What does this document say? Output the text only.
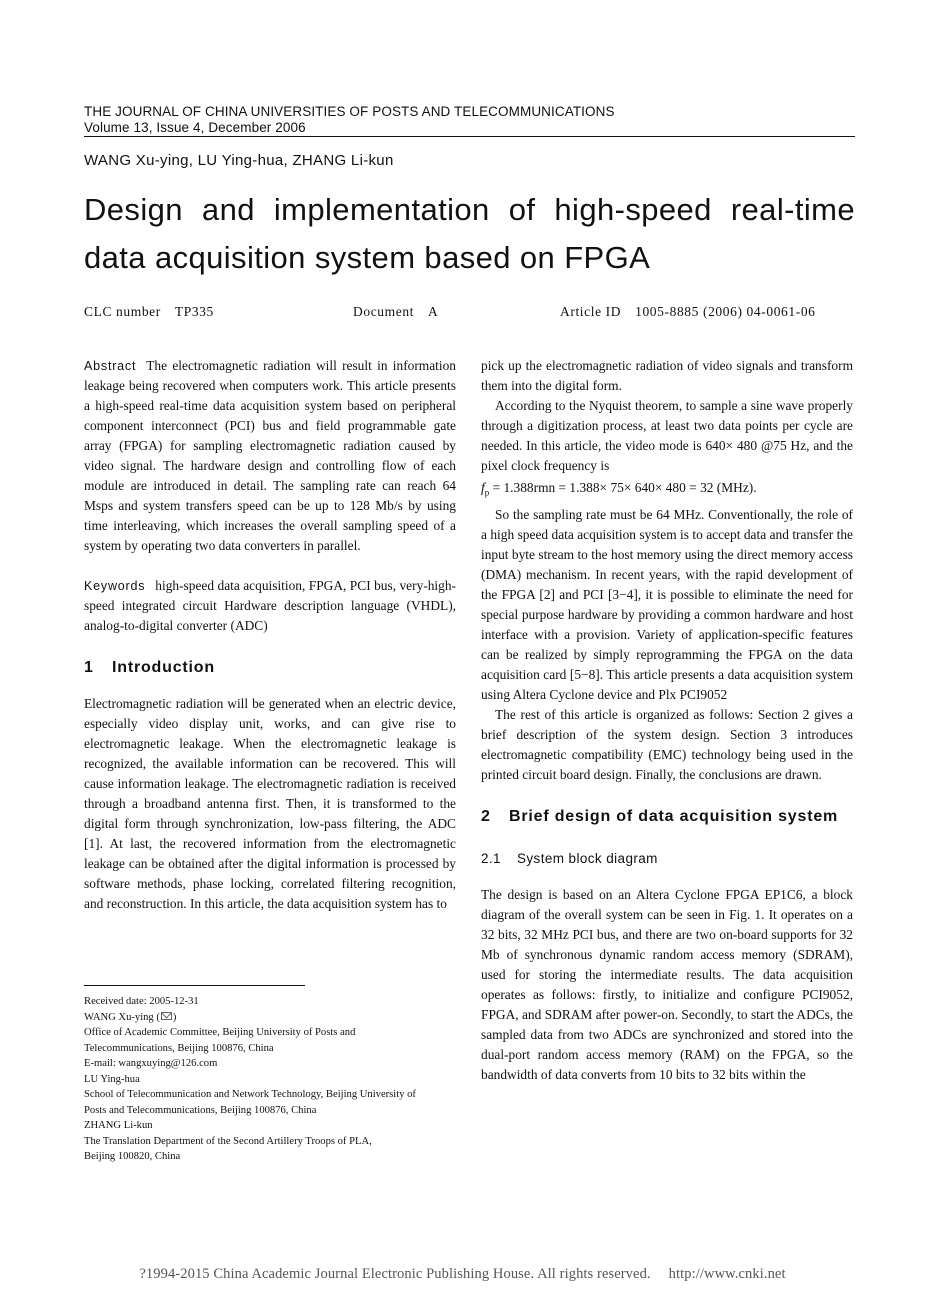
THE JOURNAL OF CHINA UNIVERSITIES OF POSTS AND TELECOMMUNICATIONS
Volume 13, Issue 4, December 2006
WANG Xu-ying, LU Ying-hua, ZHANG Li-kun
Design and implementation of high-speed real-time data acquisition system based on FPGA
CLC number TP335	Document A	Article ID 1005-8885 (2006) 04-0061-06

Abstract The electromagnetic radiation will result in information leakage being recovered when computers work. This article presents a high-speed real-time data acquisition system based on peripheral component interconnect (PCI) bus and field programmable gate array (FPGA) for sampling electromagnetic radiation caused by video signal. The hardware design and controlling flow of each module are introduced in detail. The sampling rate can reach 64 Msps and system transfers speed can be up to 128 Mb/s by using time interleaving, which increases the overall sampling speed of a system by operating two data converters in parallel.

Keywords high-speed data acquisition, FPGA, PCI bus, very-high-speed integrated circuit Hardware description language (VHDL), analog-to-digital converter (ADC)

1 Introduction

Electromagnetic radiation will be generated when an electric device, especially video display unit, works, and can give rise to electromagnetic leakage. When the electromagnetic leakage is recognized, the available information can be recovered. This will cause information leakage. The electromagnetic radiation is received through a broadband antenna first. Then, it is transformed to the digital form through synchronization, low-pass filtering, the ADC [1]. At last, the recovered information from the electromagnetic leakage can be obtained after the digital information is processed by software methods, phase locking, correlated filtering recognition, and reconstruction. In this article, the data acquisition system has to

Received date: 2005-12-31
WANG Xu-ying ( )
Office of Academic Committee, Beijing University of Posts and
Telecommunications, Beijing 100876, China
E-mail: wangxuying@126.com
LU Ying-hua
School of Telecommunication and Network Technology, Beijing University of
Posts and Telecommunications, Beijing 100876, China
ZHANG Li-kun
The Translation Department of the Second Artillery Troops of PLA,
Beijing 100820, China

pick up the electromagnetic radiation of video signals and transform them into the digital form.

According to the Nyquist theorem, to sample a sine wave properly through a digitization process, at least two data points per cycle are needed. In this article, the video mode is 640× 480 @75 Hz, and the pixel clock frequency is

$f_p = 1.388rmn = 1.388\times 75\times 640\times 480 = 32$ (MHz).

So the sampling rate must be 64 MHz. Conventionally, the role of a high speed data acquisition system is to accept data and transfer the input byte stream to the host memory using the direct memory access (DMA) mechanism. In recent years, with the rapid development of the FPGA [2] and PCI [3−4], it is possible to eliminate the need for special purpose hardware by providing a common hardware and host interface with a provision. Variety of application-specific features can be realized by simply reprogramming the FPGA on the data acquisition card [5−8]. This article presents a data acquisition system using Altera Cyclone device and Plx PCI9052

The rest of this article is organized as follows: Section 2 gives a brief description of the system design. Section 3 introduces electromagnetic compatibility (EMC) technology being used in the printed circuit board design. Finally, the conclusions are drawn.

2 Brief design of data acquisition system
2.1 System block diagram

The design is based on an Altera Cyclone FPGA EP1C6, a block diagram of the overall system can be seen in Fig. 1. It operates on a 32 bits, 32 MHz PCI bus, and there are two on-board supports for 32 Mb of synchronous dynamic random access memory (SDRAM), used for storing the intermediate results. The data acquisition operates as follows: firstly, to initialize and configure PCI9052, FPGA, and SDRAM after power-on. Secondly, to start the ADCs, the sampled data from two ADCs are synchronized and stored into the dual-port random access memory (RAM) on the FPGA, so the bandwidth of data converts from 10 bits to 32 bits within the

?1994-2015 China Academic Journal Electronic Publishing House. All rights reserved. http://www.cnki.net
